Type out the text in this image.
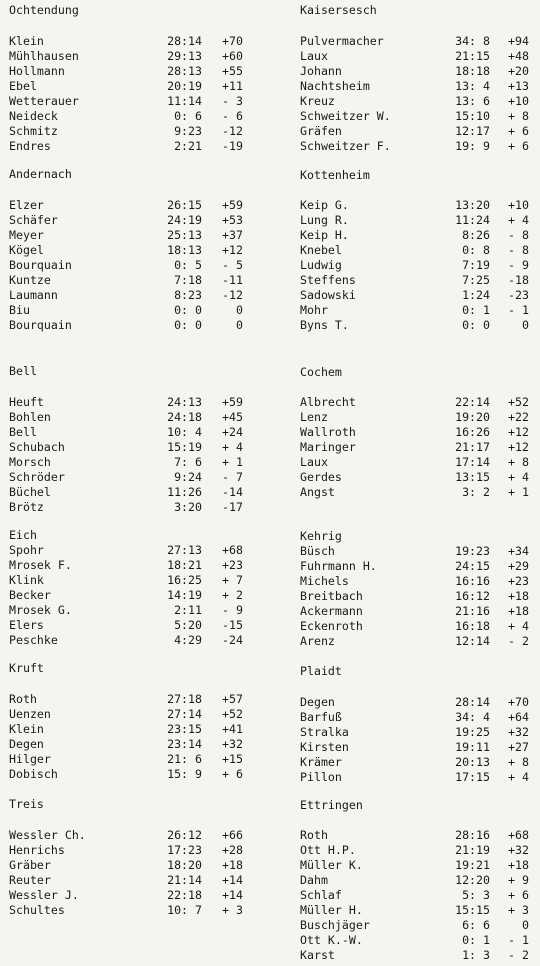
Ochtendung
Klein	28:14	+70
Mühlhausen	29:13	+60
Hollmann	28:13	+55
Ebel	20:19	+11
Wetterauer	11:14	- 3
Neideck	0: 6	- 6
Schmitz	9:23	-12
Endres	2:21	-19
Andernach
Elzer	26:15	+59
Schäfer	24:19	+53
Meyer	25:13	+37
Kögel	18:13	+12
Bourquain	0: 5	- 5
Kuntze	7:18	-11
Laumann	8:23	-12
Biu	0: 0	0
Bourquain	0: 0	0
Bell
Heuft	24:13	+59
Bohlen	24:18	+45
Bell	10: 4	+24
Schubach	15:19	+ 4
Morsch	7: 6	+ 1
Schröder	9:24	- 7
Büchel	11:26	-14
Brötz	3:20	-17
Eich
Spohr	27:13	+68
Mrosek F.	18:21	+23
Klink	16:25	+ 7
Becker	14:19	+ 2
Mrosek G.	2:11	- 9
Elers	5:20	-15
Peschke	4:29	-24
Kruft
Roth	27:18	+57
Uenzen	27:14	+52
Klein	23:15	+41
Degen	23:14	+32
Hilger	21: 6	+15
Dobisch	15: 9	+ 6
Treis
Wessler Ch.	26:12	+66
Henrichs	17:23	+28
Gräber	18:20	+18
Reuter	21:14	+14
Wessler J.	22:18	+14
Schultes	10: 7	+ 3
Kaisersesch
Pulvermacher	34: 8	+94
Laux	21:15	+48
Johann	18:18	+20
Nachtsheim	13: 4	+13
Kreuz	13: 6	+10
Schweitzer W.	15:10	+ 8
Gräfen	12:17	+ 6
Schweitzer F.	19: 9	+ 6
Kottenheim
Keip G.	13:20	+10
Lung R.	11:24	+ 4
Keip H.	8:26	- 8
Knebel	0: 8	- 8
Ludwig	7:19	- 9
Steffens	7:25	-18
Sadowski	1:24	-23
Mohr	0: 1	- 1
Byns T.	0: 0	0
Cochem
Albrecht	22:14	+52
Lenz	19:20	+22
Wallroth	16:26	+12
Maringer	21:17	+12
Laux	17:14	+ 8
Gerdes	13:15	+ 4
Angst	3: 2	+ 1
Kehrig
Büsch	19:23	+34
Fuhrmann H.	24:15	+29
Michels	16:16	+23
Breitbach	16:12	+18
Ackermann	21:16	+18
Eckenroth	16:18	+ 4
Arenz	12:14	- 2
Plaidt
Degen	28:14	+70
Barfuß	34: 4	+64
Stralka	19:25	+32
Kirsten	19:11	+27
Krämer	20:13	+ 8
Pillon	17:15	+ 4
Ettringen
Roth	28:16	+68
Ott H.P.	21:19	+32
Müller K.	19:21	+18
Dahm	12:20	+ 9
Schlaf	5: 3	+ 6
Müller H.	15:15	+ 3
Buschjäger	6: 6	0
Ott K.-W.	0: 1	- 1
Karst	1: 3	- 2
